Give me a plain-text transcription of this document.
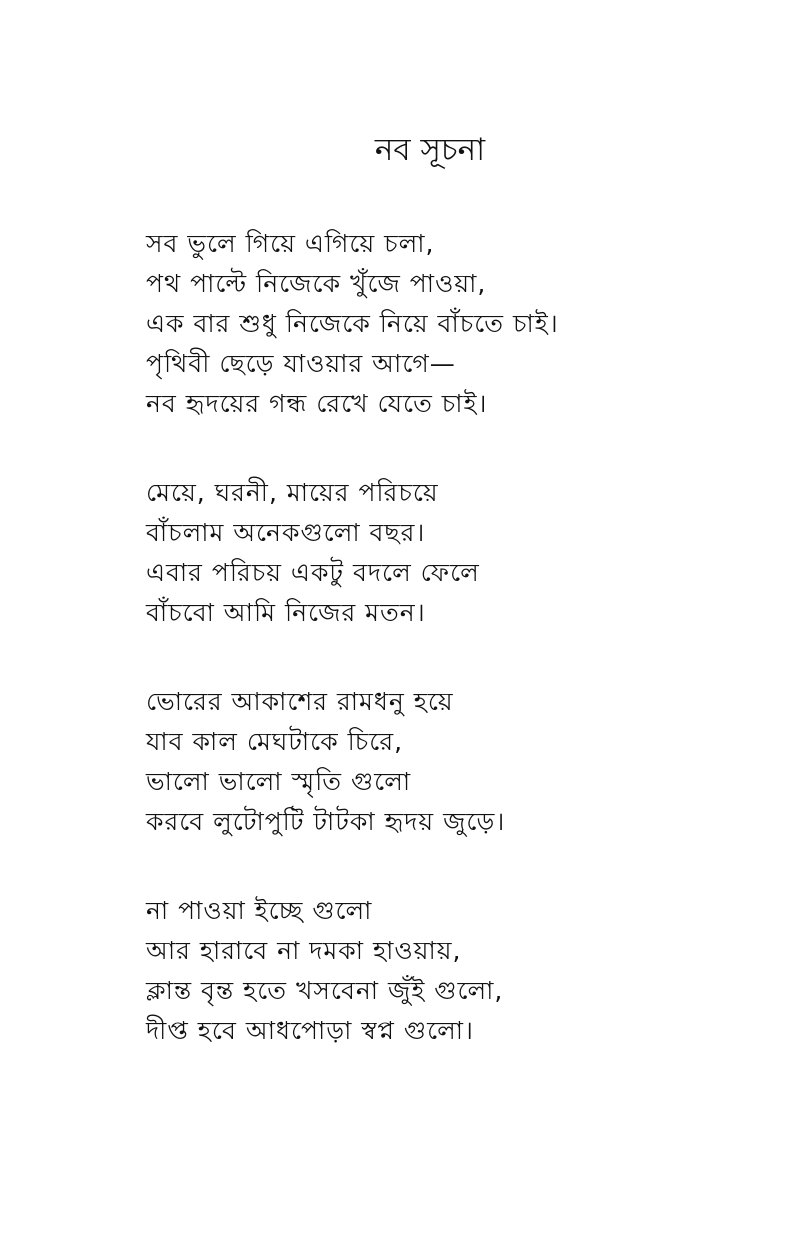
নব সূচনা
সব ভুলে গিয়ে এগিয়ে চলা,
পথ পাল্টে নিজেকে খুঁজে পাওয়া,
এক বার শুধু নিজেকে নিয়ে বাঁচতে চাই।
পৃথিবী ছেড়ে যাওয়ার আগে—
নব হৃদয়ের গন্ধ রেখে যেতে চাই।
মেয়ে, ঘরনী, মায়ের পরিচয়ে
বাঁচলাম অনেকগুলো বছর।
এবার পরিচয় একটু বদলে ফেলে
বাঁচবো আমি নিজের মতন।
ভোরের আকাশের রামধনু হয়ে
যাব কাল মেঘটাকে চিরে,
ভালো ভালো স্মৃতি গুলো
করবে লুটোপুটি টাটকা হৃদয় জুড়ে।
না পাওয়া ইচ্ছে গুলো
আর হারাবে না দমকা হাওয়ায়,
ক্লান্ত বৃন্ত হতে খসবেনা জুঁই গুলো,
দীপ্ত হবে আধপোড়া স্বপ্ন গুলো।
